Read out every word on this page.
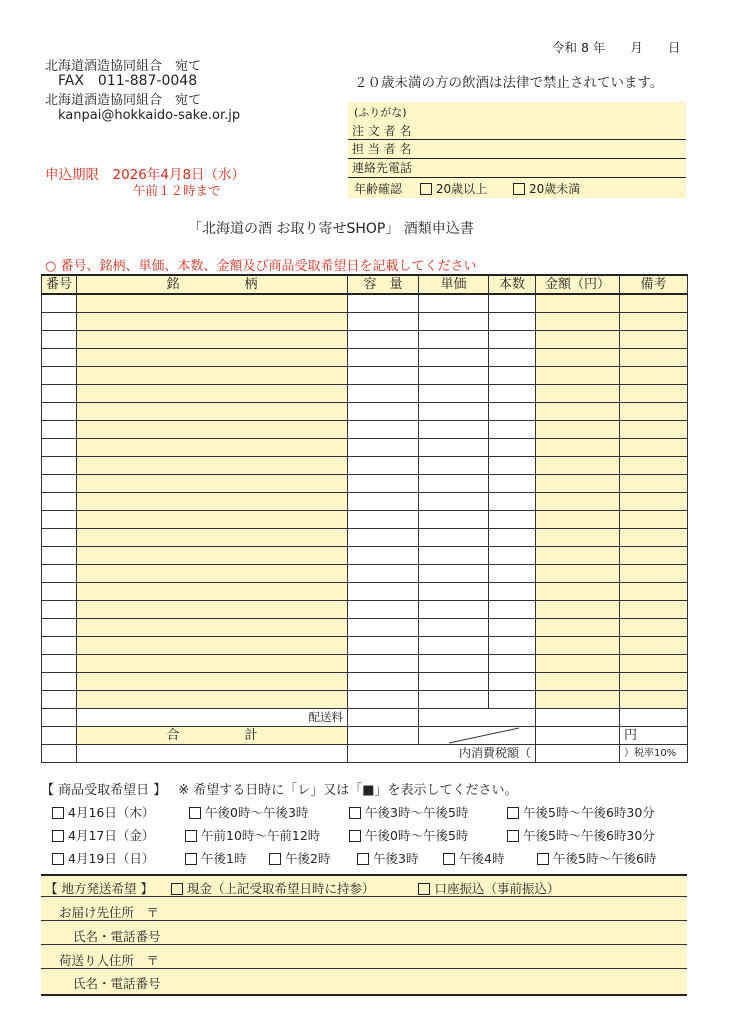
令和 8 年　　月　　日
北海道酒造協同組合　宛て
FAX　011-887-0048
北海道酒造協同組合　宛て
kanpai@hokkaido-sake.or.jp
２０歳未満の方の飲酒は法律で禁止されています。
申込期限　2026年4月8日（水）
午前１２時まで
(ふりがな)
注 文 者 名
担 当 者 名
連絡先電話
年齢確認	20歳以上	20歳未満
「北海道の酒 お取り寄せSHOP」 酒類申込書
○ 番号、銘柄、単価、本数、金額及び商品受取希望日を記載してください
番号	銘　　　　　柄	容　量	単価	本数	金額（円）	備考

	配送料					
	合　　　　　計					円
			内消費税額（			）税率10%
【 商品受取希望日 】 ※ 希望する日時に「レ」又は「■」を表示してください。
4月16日（木）	午後0時～午後3時	午後3時～午後5時	午後5時～午後6時30分
4月17日（金）	午前10時～午前12時	午後0時～午後5時	午後5時～午後6時30分
4月19日（日）	午後1時	午後2時	午後3時	午後4時	午後5時～午後6時
【 地方発送希望 】	現金（上記受取希望日時に持参）	口座振込（事前振込）
お届け先住所　〒
氏名・電話番号
荷送り人住所　〒
氏名・電話番号
